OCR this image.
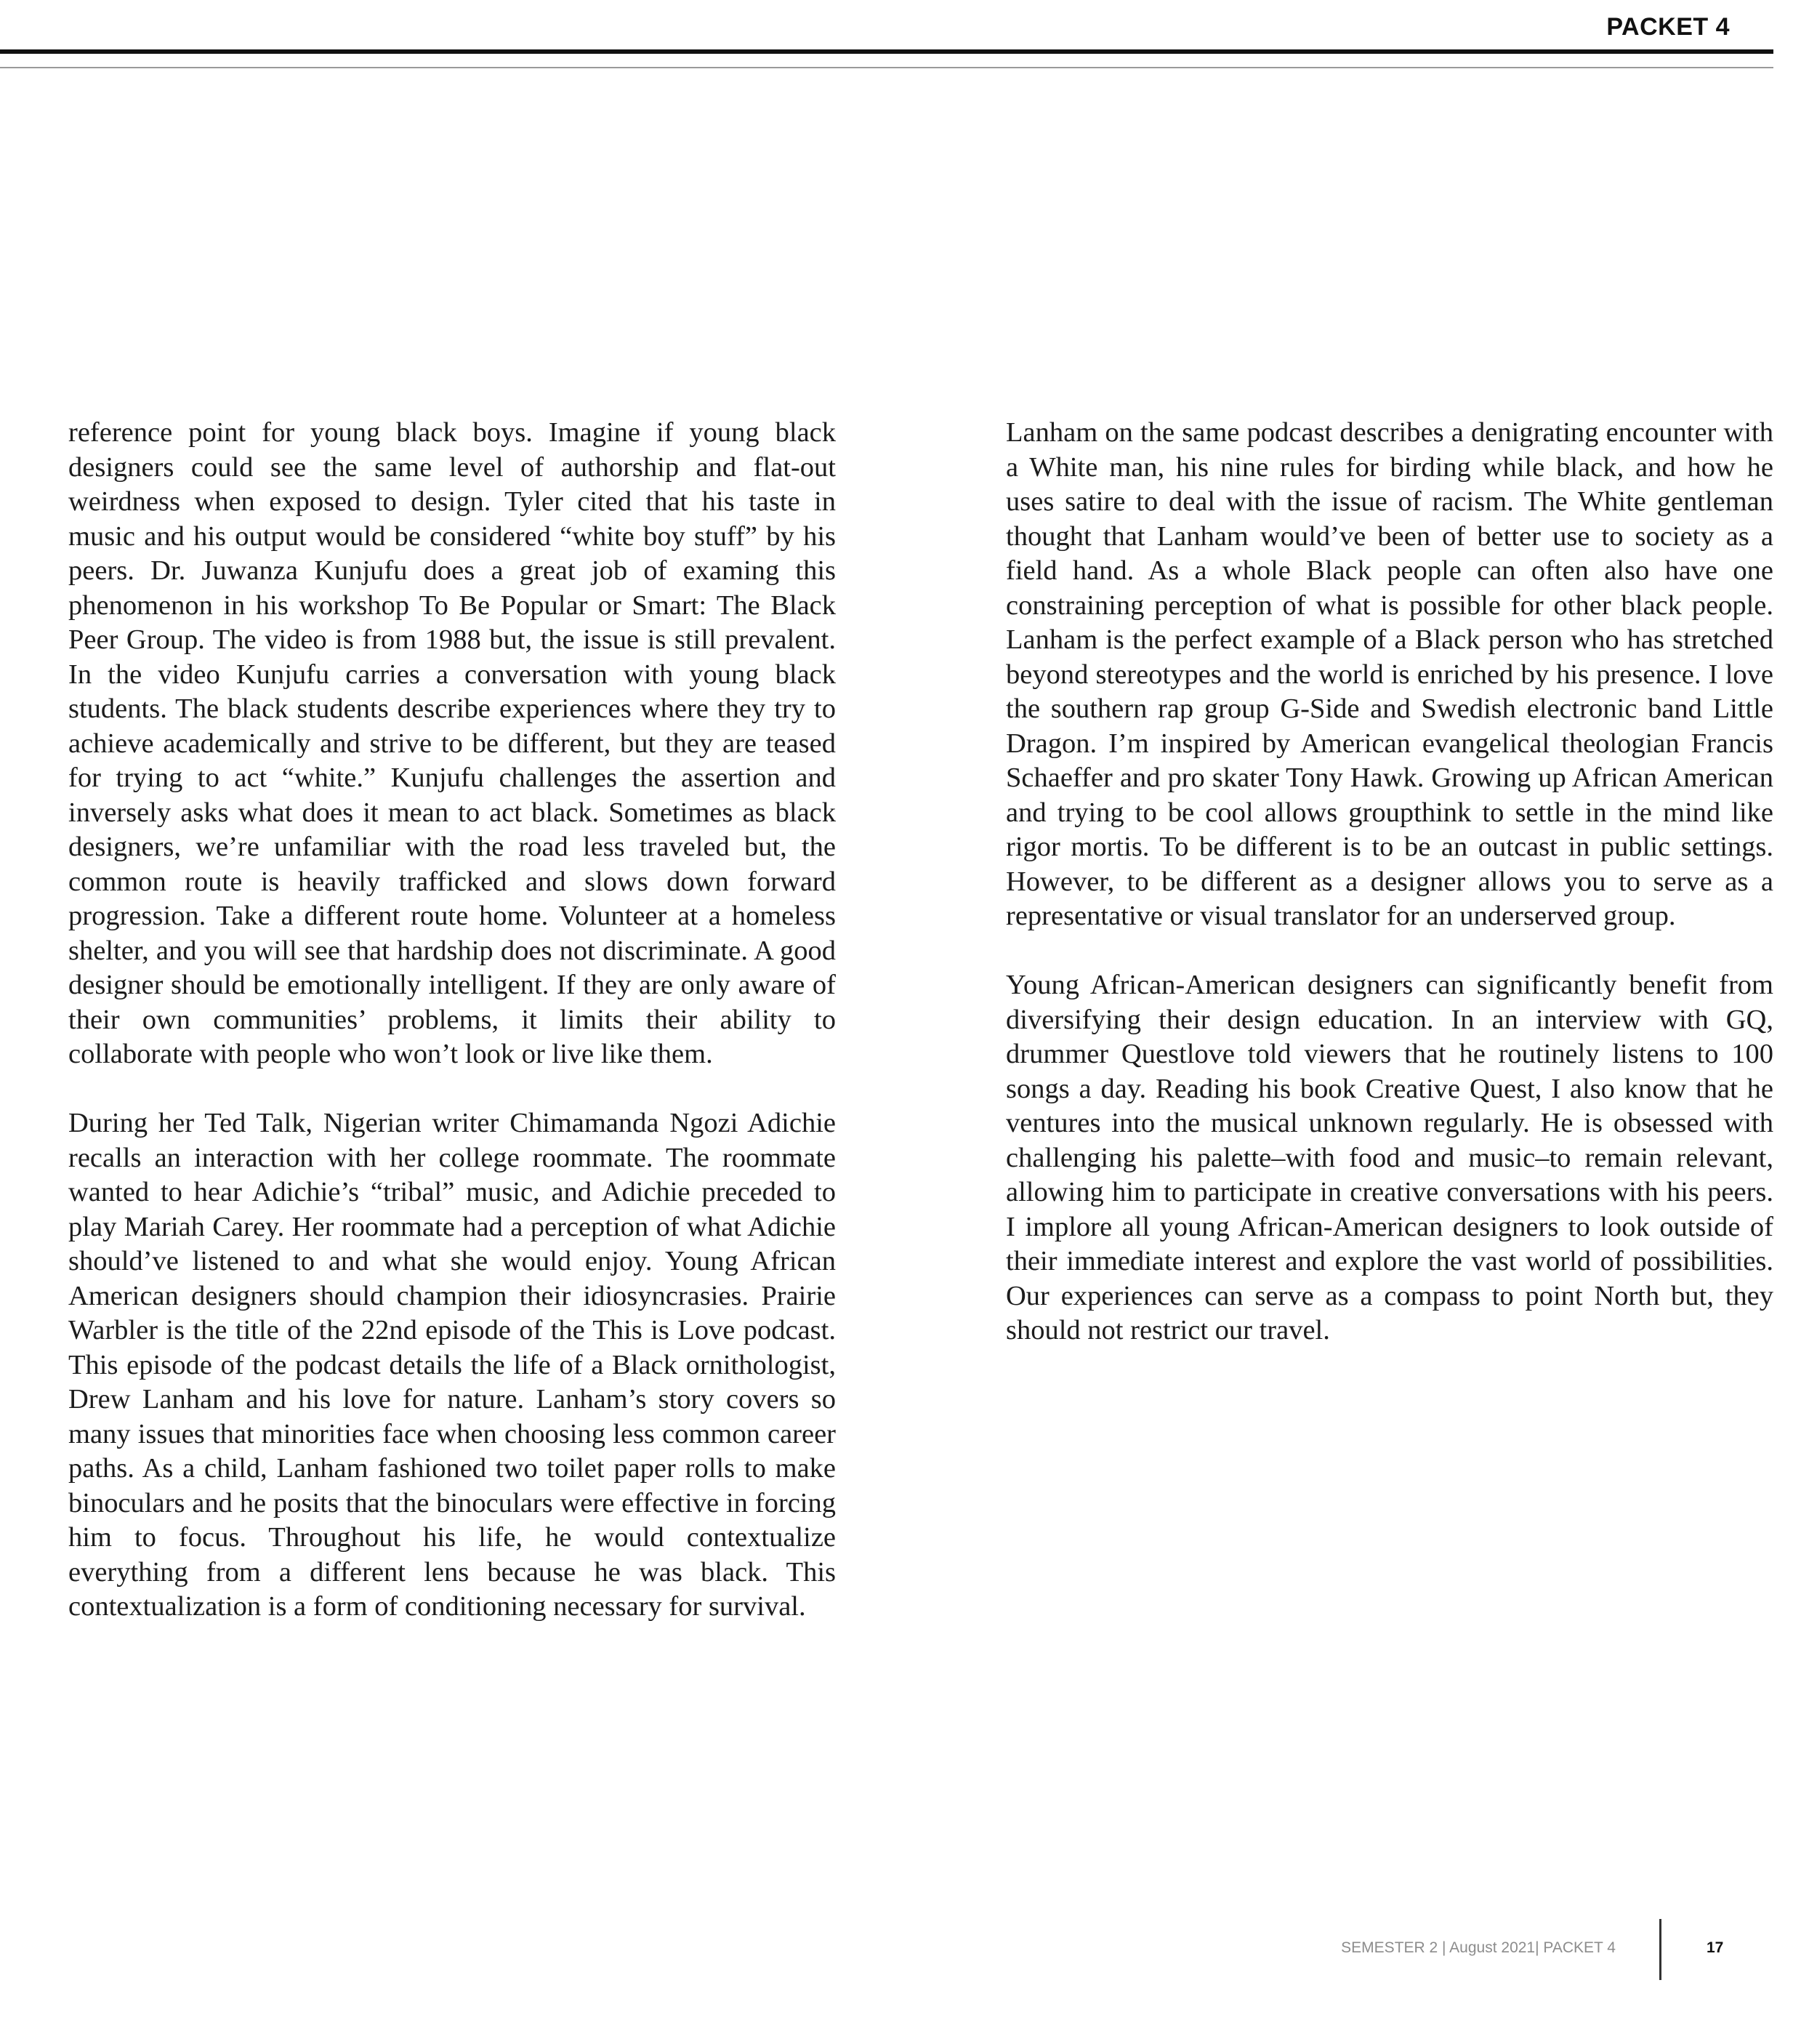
PACKET 4

reference point for young black boys. Imagine if young black designers could see the same level of authorship and flat-out weirdness when exposed to design. Tyler cited that his taste in music and his output would be considered “white boy stuff” by his peers. Dr. Juwanza Kunjufu does a great job of examing this phenomenon in his workshop To Be Popular or Smart: The Black Peer Group. The video is from 1988 but, the issue is still prevalent. In the video Kunjufu carries a conversation with young black students. The black students describe experiences where they try to achieve academically and strive to be different, but they are teased for trying to act “white.” Kunjufu challenges the assertion and inversely asks what does it mean to act black. Sometimes as black designers, we’re unfamiliar with the road less traveled but, the common route is heavily trafficked and slows down forward progression. Take a different route home. Volunteer at a homeless shelter, and you will see that hardship does not discriminate. A good designer should be emotionally intelligent. If they are only aware of their own communities’ problems, it limits their ability to collaborate with people who won’t look or live like them.

During her Ted Talk, Nigerian writer Chimamanda Ngozi Adichie recalls an interaction with her college roommate. The roommate wanted to hear Adichie’s “tribal” music, and Adichie preceded to play Mariah Carey. Her roommate had a perception of what Adichie should’ve listened to and what she would enjoy. Young African American designers should champion their idiosyncrasies. Prairie Warbler is the title of the 22nd episode of the This is Love podcast. This episode of the podcast details the life of a Black ornithologist, Drew Lanham and his love for nature. Lanham’s story covers so many issues that minorities face when choosing less common career paths. As a child, Lanham fashioned two toilet paper rolls to make binoculars and he posits that the binoculars were effective in forcing him to focus. Throughout his life, he would contextualize everything from a different lens because he was black. This contextualization is a form of conditioning necessary for survival.

Lanham on the same podcast describes a denigrating encounter with a White man, his nine rules for birding while black, and how he uses satire to deal with the issue of racism. The White gentleman thought that Lanham would’ve been of better use to society as a field hand. As a whole Black people can often also have one constraining perception of what is possible for other black people. Lanham is the perfect example of a Black person who has stretched beyond stereotypes and the world is enriched by his presence. I love the southern rap group G-Side and Swedish electronic band Little Dragon. I’m inspired by American evangelical theologian Francis Schaeffer and pro skater Tony Hawk. Growing up African American and trying to be cool allows groupthink to settle in the mind like rigor mortis. To be different is to be an outcast in public settings. However, to be different as a designer allows you to serve as a representative or visual translator for an underserved group.

Young African-American designers can significantly benefit from diversifying their design education. In an interview with GQ, drummer Questlove told viewers that he routinely listens to 100 songs a day. Reading his book Creative Quest, I also know that he ventures into the musical unknown regularly. He is obsessed with challenging his palette–with food and music–to remain relevant, allowing him to participate in creative conversations with his peers. I implore all young African-American designers to look outside of their immediate interest and explore the vast world of possibilities. Our experiences can serve as a compass to point North but, they should not restrict our travel.

SEMESTER 2 | August 2021| PACKET 4	17
